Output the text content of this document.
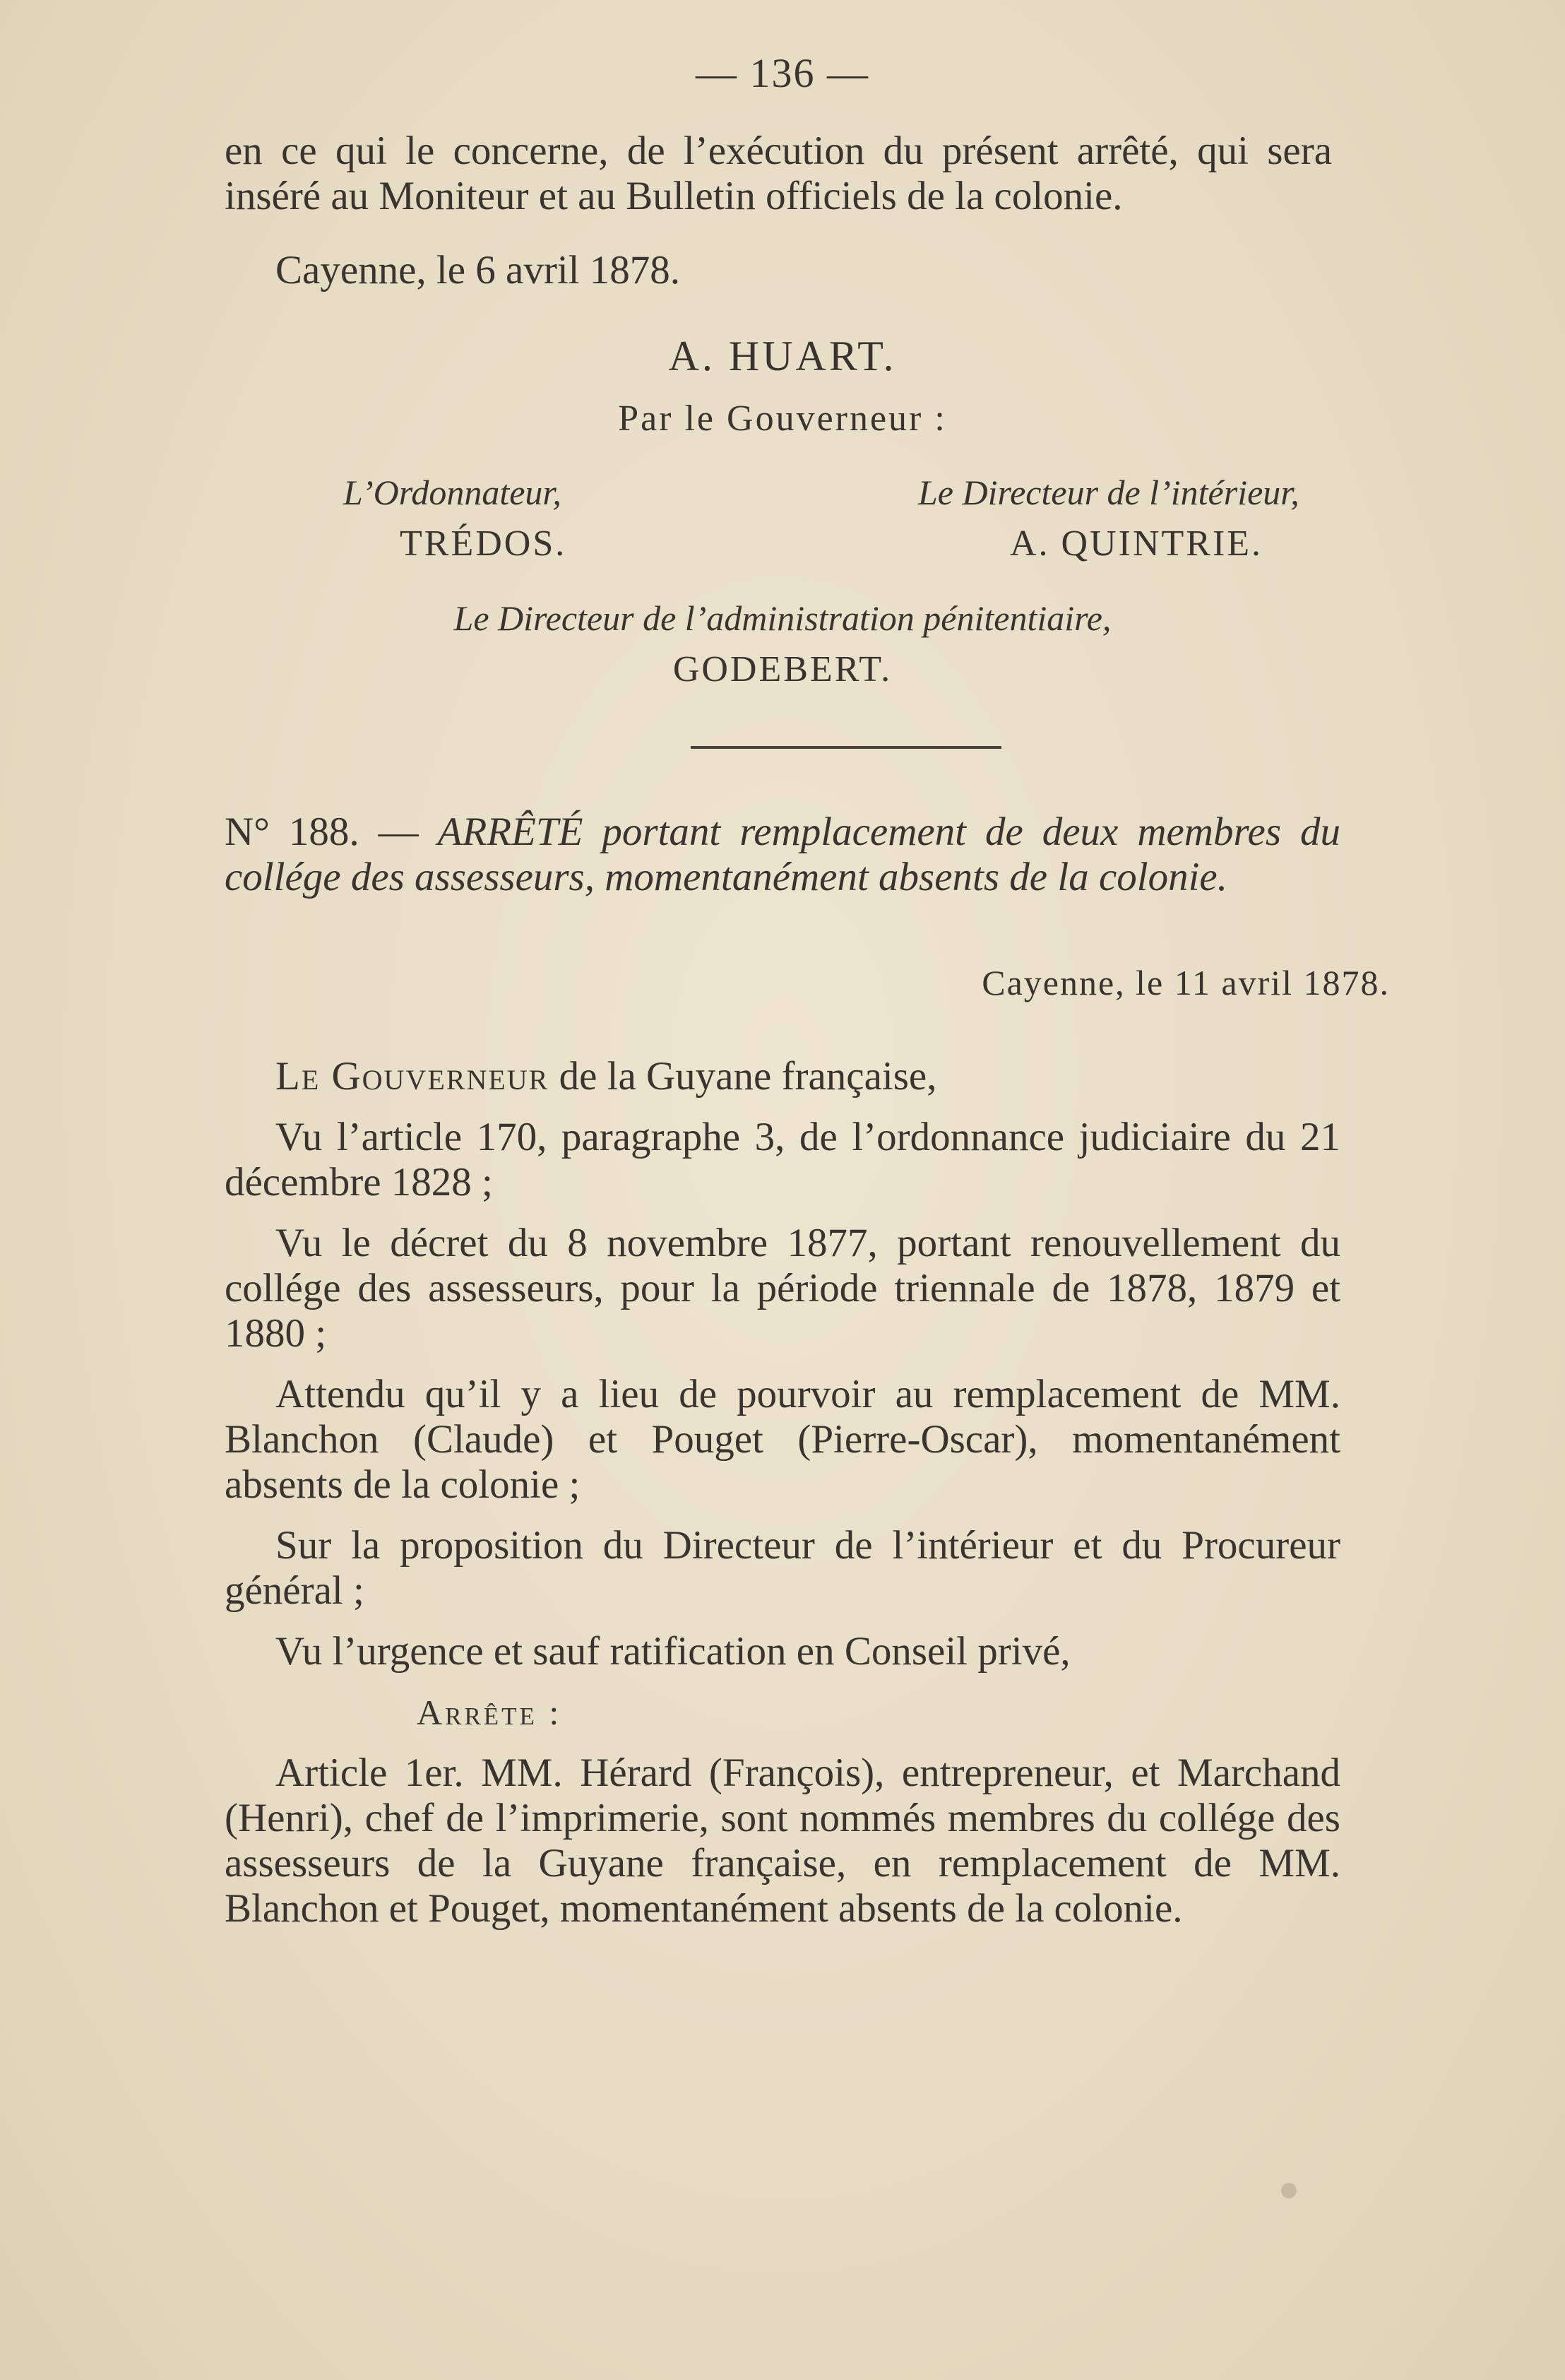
— 136 —

en ce qui le concerne, de l’exécution du présent arrêté, qui sera inséré au Moniteur et au Bulletin officiels de la colonie.

Cayenne, le 6 avril 1878.
A. HUART.
Par le Gouverneur :
L’Ordonnateur,
TRÉDOS.
Le Directeur de l’intérieur,
A. QUINTRIE.
Le Directeur de l’administration pénitentiaire,
GODEBERT.
N° 188. — ARRÊTÉ portant remplacement de deux membres du collége des assesseurs, momentanément absents de la colonie.
Cayenne, le 11 avril 1878.

Le Gouverneur de la Guyane française,

Vu l’article 170, paragraphe 3, de l’ordonnance judiciaire du 21 décembre 1828 ;

Vu le décret du 8 novembre 1877, portant renouvellement du collége des assesseurs, pour la période triennale de 1878, 1879 et 1880 ;

Attendu qu’il y a lieu de pourvoir au remplacement de MM. Blanchon (Claude) et Pouget (Pierre-Oscar), momentanément absents de la colonie ;

Sur la proposition du Directeur de l’intérieur et du Procureur général ;

Vu l’urgence et sauf ratification en Conseil privé,

Arrête :

Article 1er. MM. Hérard (François), entrepreneur, et Marchand (Henri), chef de l’imprimerie, sont nommés membres du collége des assesseurs de la Guyane française, en remplacement de MM. Blanchon et Pouget, momentanément absents de la colonie.
